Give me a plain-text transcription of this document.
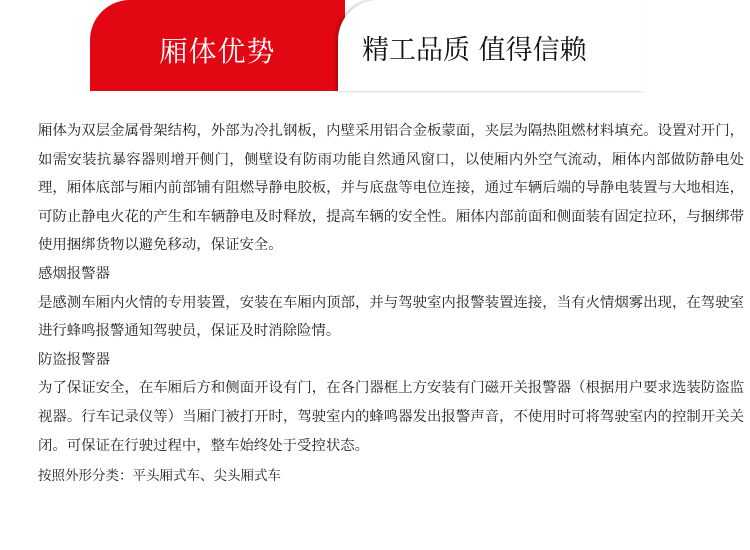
厢体优势	精工品质 值得信赖

厢体为双层金属骨架结构，外部为冷扎钢板，内壁采用铝合金板蒙面，夹层为隔热阻燃材料填充。设置对开门，如需安装抗暴容器则增开侧门，侧壁设有防雨功能自然通风窗口，以使厢内外空气流动，厢体内部做防静电处理，厢体底部与厢内前部铺有阻燃导静电胶板，并与底盘等电位连接，通过车辆后端的导静电装置与大地相连，可防止静电火花的产生和车辆静电及时释放，提高车辆的安全性。厢体内部前面和侧面装有固定拉环，与捆绑带使用捆绑货物以避免移动，保证安全。

感烟报警器

是感测车厢内火情的专用装置，安装在车厢内顶部，并与驾驶室内报警装置连接，当有火情烟雾出现，在驾驶室进行蜂鸣报警通知驾驶员，保证及时消除险情。

防盗报警器

为了保证安全，在车厢后方和侧面开设有门，在各门器框上方安装有门磁开关报警器（根据用户要求选装防盗监视器。行车记录仪等）当厢门被打开时，驾驶室内的蜂鸣器发出报警声音，不使用时可将驾驶室内的控制开关关闭。可保证在行驶过程中，整车始终处于受控状态。

按照外形分类：平头厢式车、尖头厢式车
